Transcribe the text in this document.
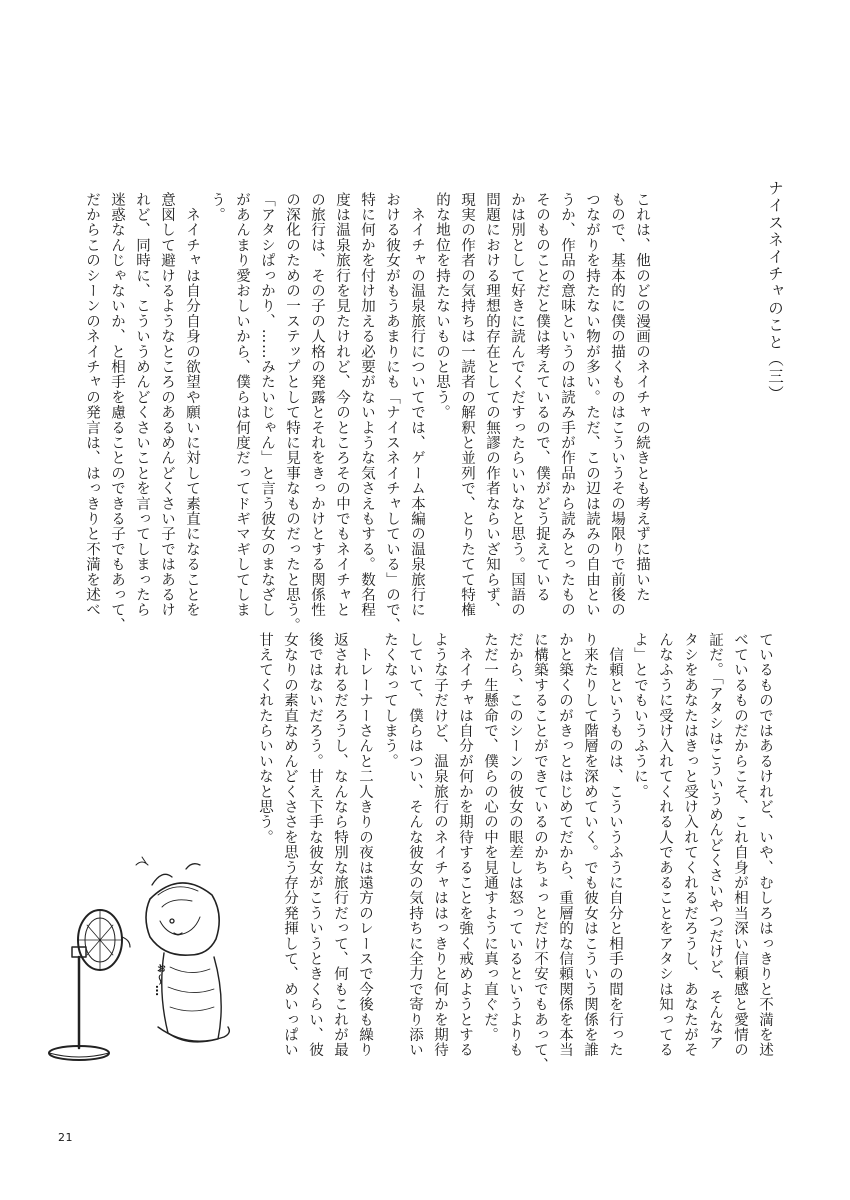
ナイスネイチャのこと（三）
これは、他のどの漫画のネイチャの続きとも考えずに描いた
もので、基本的に僕の描くものはこういうその場限りで前後の
つながりを持たない物が多い。ただ、この辺は読みの自由とい
うか、作品の意味というのは読み手が作品から読みとったもの
そのものことだと僕は考えているので、僕がどう捉えている
かは別として好きに読んでくだすったらいいなと思う。国語の
問題における理想的存在としての無謬の作者ならいざ知らず、
現実の作者の気持ちは一読者の解釈と並列で、とりたてて特権
的な地位を持たないものと思う。
　ネイチャの温泉旅行についてでは、ゲーム本編の温泉旅行に
おける彼女がもうあまりにも「ナイスネイチャしている」ので、
特に何かを付け加える必要がないような気さえもする。数名程
度は温泉旅行を見たけれど、今のところその中でもネイチャと
の旅行は、その子の人格の発露とそれをきっかけとする関係性
の深化のための一ステップとして特に見事なものだったと思う。
「アタシぱっかり、……みたいじゃん」と言う彼女のまなざし
があんまり愛おしいから、僕らは何度だってドギマギしてしま
う。
　ネイチャは自分自身の欲望や願いに対して素直になることを
意図して避けるようなところのあるめんどくさい子ではあるけ
れど、同時に、こういうめんどくさいことを言ってしまったら
迷惑なんじゃないか、と相手を慮ることのできる子でもあって、
だからこのシーンのネイチャの発言は、はっきりと不満を述べ
ているものではあるけれど、いや、むしろはっきりと不満を述
べているものだからこそ、これ自身が相当深い信頼感と愛情の
証だ。「アタシはこういうめんどくさいやつだけど、そんなア
タシをあなたはきっと受け入れてくれるだろうし、あなたがそ
んなふうに受け入れてくれる人であることをアタシは知ってる
よ」とでもいうふうに。
　信頼というものは、こういうふうに自分と相手の間を行った
り来たりして階層を深めていく。でも彼女はこういう関係を誰
かと築くのがきっとはじめてだから、重層的な信頼関係を本当
に構築することができているのかちょっとだけ不安でもあって、
だから、このシーンの彼女の眼差しは怒っているというよりも
ただ一生懸命で、僕らの心の中を見通すように真っ直ぐだ。
　ネイチャは自分が何かを期待することを強く戒めようとする
ような子だけど、温泉旅行のネイチャははっきりと何かを期待
していて、僕らはつい、そんな彼女の気持ちに全力で寄り添い
たくなってしまう。
　トレーナーさんと二人きりの夜は遠方のレースで今後も繰り
返されるだろうし、なんなら特別な旅行だって、何もこれが最
後ではないだろう。甘え下手な彼女がこういうときくらい、彼
女なりの素直なめんどくささを思う存分発揮して、めいっぱい
甘えてくれたらいいなと思う。
ぉ〜…
21
